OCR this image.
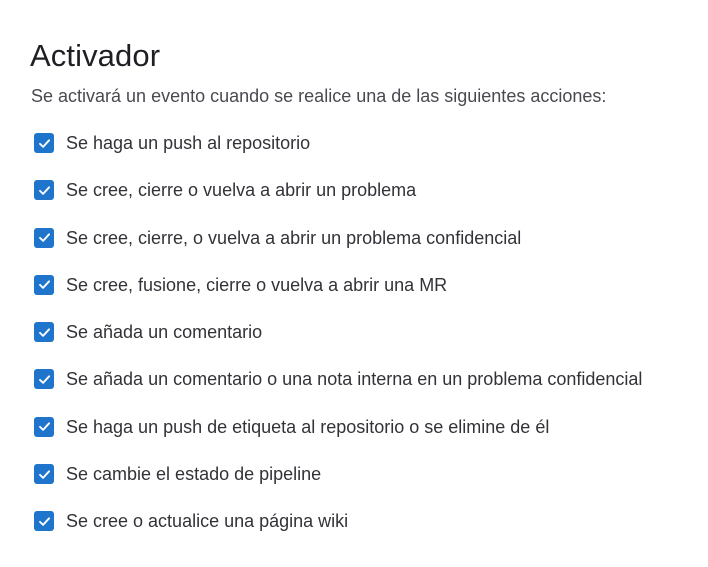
Activador

Se activará un evento cuando se realice una de las siguientes acciones:

Se haga un push al repositorio
Se cree, cierre o vuelva a abrir un problema
Se cree, cierre, o vuelva a abrir un problema confidencial
Se cree, fusione, cierre o vuelva a abrir una MR
Se añada un comentario
Se añada un comentario o una nota interna en un problema confidencial
Se haga un push de etiqueta al repositorio o se elimine de él
Se cambie el estado de pipeline
Se cree o actualice una página wiki
